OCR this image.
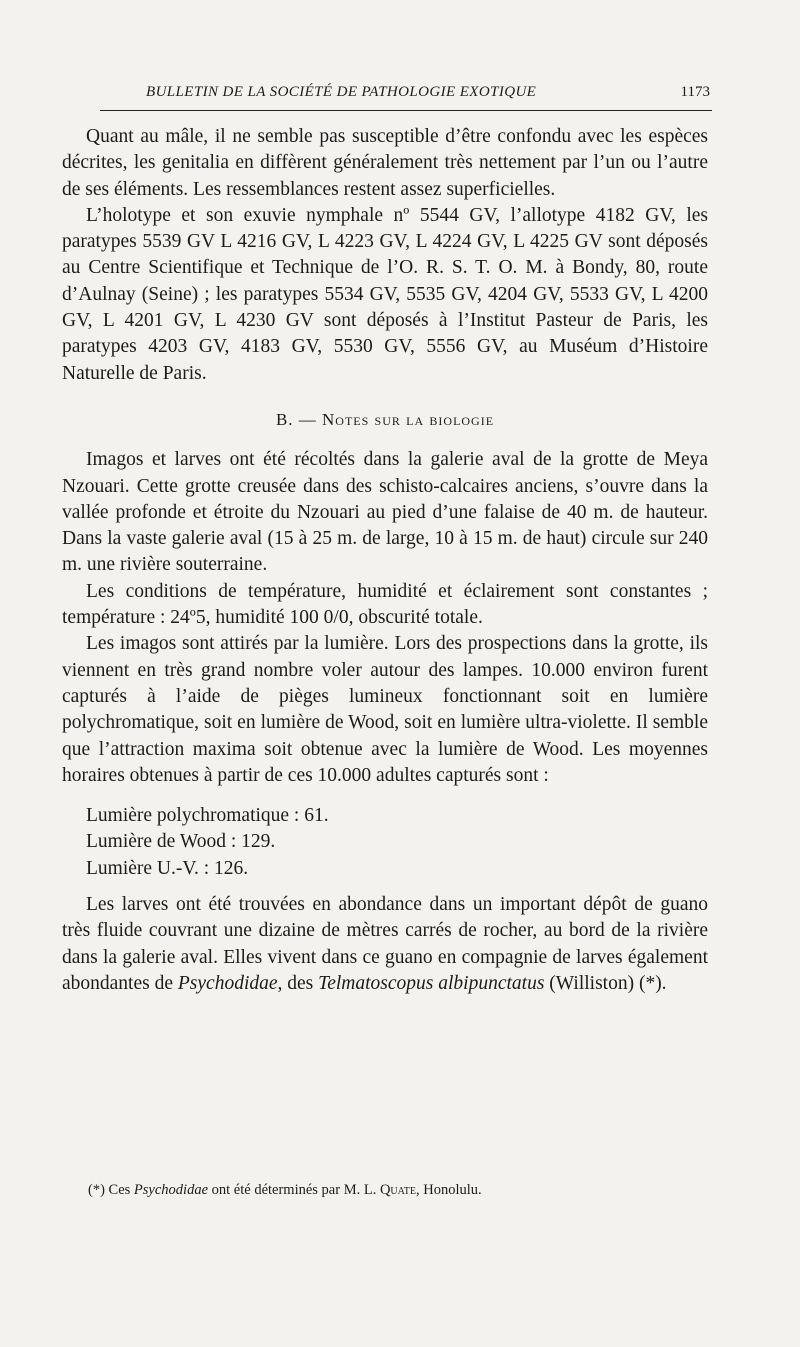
BULLETIN DE LA SOCIÉTÉ DE PATHOLOGIE EXOTIQUE	1173

Quant au mâle, il ne semble pas susceptible d’être confondu avec les espèces décrites, les genitalia en diffèrent généralement très nettement par l’un ou l’autre de ses éléments. Les ressemblances restent assez superficielles.

L’holotype et son exuvie nymphale nº 5544 GV, l’allotype 4182 GV, les paratypes 5539 GV L 4216 GV, L 4223 GV, L 4224 GV, L 4225 GV sont déposés au Centre Scientifique et Technique de l’O. R. S. T. O. M. à Bondy, 80, route d’Aulnay (Seine) ; les paratypes 5534 GV, 5535 GV, 4204 GV, 5533 GV, L 4200 GV, L 4201 GV, L 4230 GV sont déposés à l’Institut Pasteur de Paris, les paratypes 4203 GV, 4183 GV, 5530 GV, 5556 GV, au Muséum d’Histoire Naturelle de Paris.

B. — Notes sur la biologie

Imagos et larves ont été récoltés dans la galerie aval de la grotte de Meya Nzouari. Cette grotte creusée dans des schisto-calcaires anciens, s’ouvre dans la vallée profonde et étroite du Nzouari au pied d’une falaise de 40 m. de hauteur. Dans la vaste galerie aval (15 à 25 m. de large, 10 à 15 m. de haut) circule sur 240 m. une rivière souterraine.

Les conditions de température, humidité et éclairement sont constantes ; température : 24º5, humidité 100 0/0, obscurité totale.

Les imagos sont attirés par la lumière. Lors des prospections dans la grotte, ils viennent en très grand nombre voler autour des lampes. 10.000 environ furent capturés à l’aide de pièges lumineux fonctionnant soit en lumière polychromatique, soit en lumière de Wood, soit en lumière ultra-violette. Il semble que l’attraction maxima soit obtenue avec la lumière de Wood. Les moyennes horaires obtenues à partir de ces 10.000 adultes capturés sont :

Lumière polychromatique : 61.
Lumière de Wood : 129.
Lumière U.-V. : 126.

Les larves ont été trouvées en abondance dans un important dépôt de guano très fluide couvrant une dizaine de mètres carrés de rocher, au bord de la rivière dans la galerie aval. Elles vivent dans ce guano en compagnie de larves également abondantes de Psychodidae, des Telmatoscopus albipunctatus (Williston) (*).

(*) Ces Psychodidae ont été déterminés par M. L. Quate, Honolulu.
